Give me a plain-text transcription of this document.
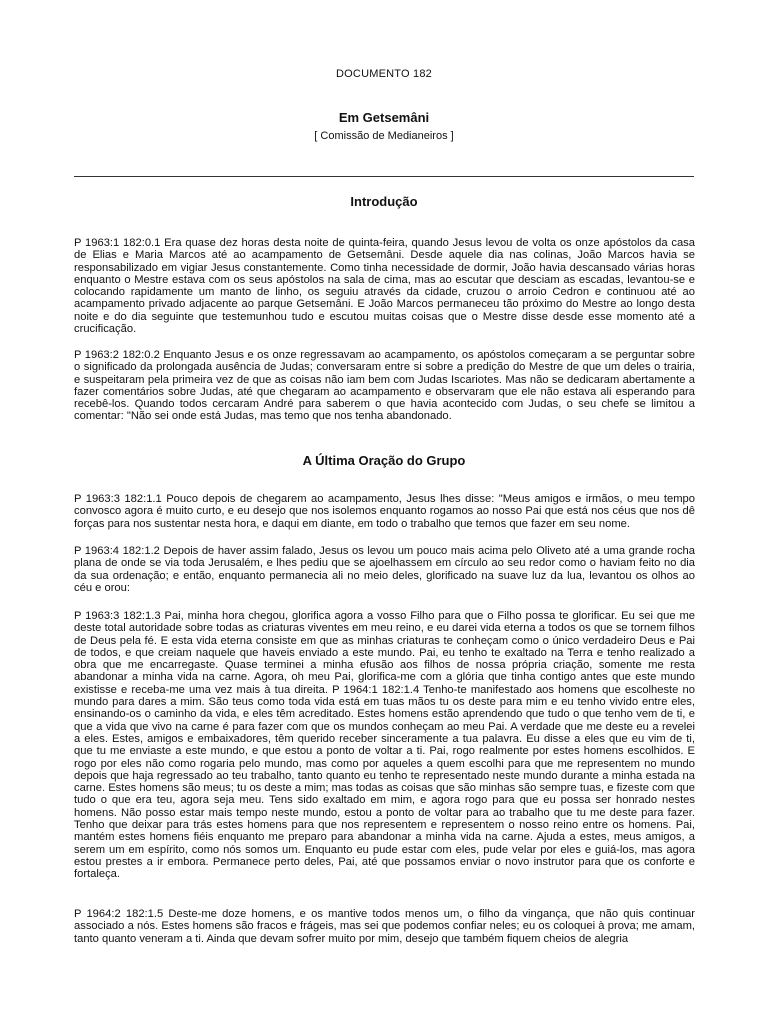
DOCUMENTO 182
Em Getsemâni
[ Comissão de Medianeiros ]
Introdução

P 1963:1 182:0.1 Era quase dez horas desta noite de quinta-feira, quando Jesus levou de volta os onze apóstolos da casa de Elias e Maria Marcos até ao acampamento de Getsemâni. Desde aquele dia nas colinas, João Marcos havia se responsabilizado em vigiar Jesus constantemente. Como tinha necessidade de dormir, João havia descansado várias horas enquanto o Mestre estava com os seus apóstolos na sala de cima, mas ao escutar que desciam as escadas, levantou-se e colocando rapidamente um manto de linho, os seguiu através da cidade, cruzou o arroio Cedron e continuou até ao acampamento privado adjacente ao parque Getsemâni. E João Marcos permaneceu tão próximo do Mestre ao longo desta noite e do dia seguinte que testemunhou tudo e escutou muitas coisas que o Mestre disse desde esse momento até a crucificação.

P 1963:2 182:0.2 Enquanto Jesus e os onze regressavam ao acampamento, os apóstolos começaram a se perguntar sobre o significado da prolongada ausência de Judas; conversaram entre si sobre a predição do Mestre de que um deles o trairia, e suspeitaram pela primeira vez de que as coisas não iam bem com Judas Iscariotes. Mas não se dedicaram abertamente a fazer comentários sobre Judas, até que chegaram ao acampamento e observaram que ele não estava ali esperando para recebê-los. Quando todos cercaram André para saberem o que havia acontecido com Judas, o seu chefe se limitou a comentar: "Não sei onde está Judas, mas temo que nos tenha abandonado.

A Última Oração do Grupo

P 1963:3 182:1.1 Pouco depois de chegarem ao acampamento, Jesus lhes disse: "Meus amigos e irmãos, o meu tempo convosco agora é muito curto, e eu desejo que nos isolemos enquanto rogamos ao nosso Pai que está nos céus que nos dê forças para nos sustentar nesta hora, e daqui em diante, em todo o trabalho que temos que fazer em seu nome.

P 1963:4 182:1.2 Depois de haver assim falado, Jesus os levou um pouco mais acima pelo Oliveto até a uma grande rocha plana de onde se via toda Jerusalém, e lhes pediu que se ajoelhassem em círculo ao seu redor como o haviam feito no dia da sua ordenação; e então, enquanto permanecia ali no meio deles, glorificado na suave luz da lua, levantou os olhos ao céu e orou:

P 1963:3 182:1.3 Pai, minha hora chegou, glorifica agora a vosso Filho para que o Filho possa te glorificar. Eu sei que me deste total autoridade sobre todas as criaturas viventes em meu reino, e eu darei vida eterna a todos os que se tornem filhos de Deus pela fé. E esta vida eterna consiste em que as minhas criaturas te conheçam como o único verdadeiro Deus e Pai de todos, e que creiam naquele que haveis enviado a este mundo. Pai, eu tenho te exaltado na Terra e tenho realizado a obra que me encarregaste. Quase terminei a minha efusão aos filhos de nossa própria criação, somente me resta abandonar a minha vida na carne. Agora, oh meu Pai, glorifica-me com a glória que tinha contigo antes que este mundo existisse e receba-me uma vez mais à tua direita. P 1964:1 182:1.4 Tenho-te manifestado aos homens que escolheste no mundo para dares a mim. São teus como toda vida está em tuas mãos tu os deste para mim e eu tenho vivido entre eles, ensinando-os o caminho da vida, e eles têm acreditado. Estes homens estão aprendendo que tudo o que tenho vem de ti, e que a vida que vivo na carne é para fazer com que os mundos conheçam ao meu Pai. A verdade que me deste eu a revelei a eles. Estes, amigos e embaixadores, têm querido receber sinceramente a tua palavra. Eu disse a eles que eu vim de ti, que tu me enviaste a este mundo, e que estou a ponto de voltar a ti. Pai, rogo realmente por estes homens escolhidos. E rogo por eles não como rogaria pelo mundo, mas como por aqueles a quem escolhi para que me representem no mundo depois que haja regressado ao teu trabalho, tanto quanto eu tenho te representado neste mundo durante a minha estada na carne. Estes homens são meus; tu os deste a mim; mas todas as coisas que são minhas são sempre tuas, e fizeste com que tudo o que era teu, agora seja meu. Tens sido exaltado em mim, e agora rogo para que eu possa ser honrado nestes homens. Não posso estar mais tempo neste mundo, estou a ponto de voltar para ao trabalho que tu me deste para fazer. Tenho que deixar para trás estes homens para que nos representem e representem o nosso reino entre os homens. Pai, mantém estes homens fiéis enquanto me preparo para abandonar a minha vida na carne. Ajuda a estes, meus amigos, a serem um em espírito, como nós somos um. Enquanto eu pude estar com eles, pude velar por eles e guiá-los, mas agora estou prestes a ir embora. Permanece perto deles, Pai, até que possamos enviar o novo instrutor para que os conforte e fortaleça.

P 1964:2 182:1.5 Deste-me doze homens, e os mantive todos menos um, o filho da vingança, que não quis continuar associado a nós. Estes homens são fracos e frágeis, mas sei que podemos confiar neles; eu os coloquei à prova; me amam, tanto quanto veneram a ti. Ainda que devam sofrer muito por mim, desejo que também fiquem cheios de alegria
